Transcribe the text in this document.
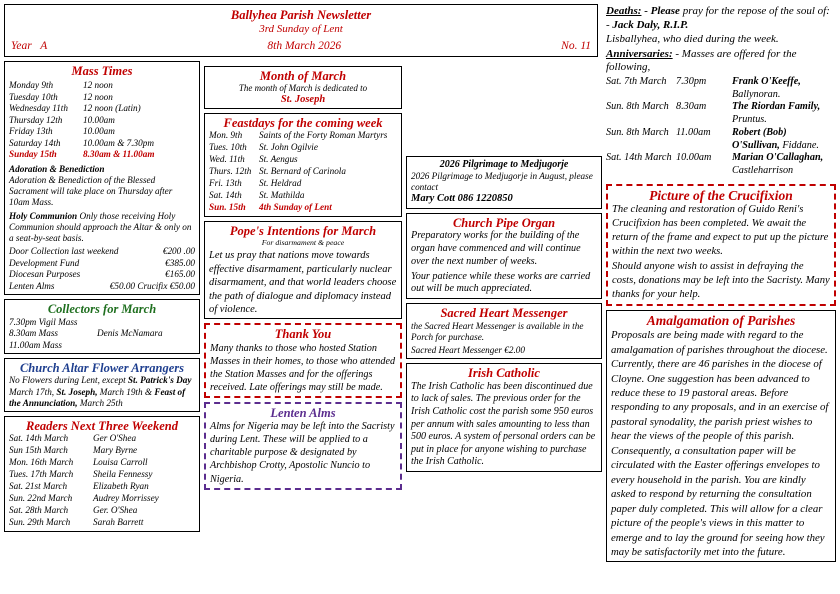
Ballyhea Parish Newsletter
3rd Sunday of Lent
Year A	8th March 2026	No. 11
Mass Times
Monday 9th	12 noon
Tuesday 10th	12 noon
Wednesday 11th	12 noon (Latin)
Thursday 12th	10.00am
Friday 13th	10.00am
Saturday 14th	10.00am & 7.30pm
Sunday 15th	8.30am & 11.00am
Adoration & Benediction
Adoration & Benediction of the Blessed Sacrament will take place on Thursday after 10am Mass.
Holy Communion Only those receiving Holy Communion should approach the Altar & only on a seat-by-seat basis.
Door Collection last weekend	€200 .00
Development Fund	€385.00
Diocesan Purposes	€165.00
Lenten Alms	€50.00 Crucifix €50.00
Collectors for March
7.30pm Vigil Mass
8.30am Mass	Denis McNamara
11.00am Mass
Church Altar Flower Arrangers
No Flowers during Lent, except St. Patrick's Day March 17th, St. Joseph, March 19th & Feast of the Annunciation, March 25th
Readers Next Three Weekend
Sat. 14th March	Ger O'Shea
Sun 15th March	Mary Byrne
Mon. 16th March	Louisa Carroll
Tues. 17th March	Sheila Fennessy
Sat. 21st March	Elizabeth Ryan
Sun. 22nd March	Audrey Morrissey
Sat. 28th March	Ger. O'Shea
Sun. 29th March	Sarah Barrett
Month of March
The month of March is dedicated to
St. Joseph
Feastdays for the coming week
Mon. 9th	Saints of the Forty Roman Martyrs
Tues. 10th	St. John Ogilvie
Wed. 11th	St. Aengus
Thurs. 12th St. Bernard of Carinola
Fri. 13th	St. Heldrad
Sat. 14th	St. Mathilda
Sun. 15th	4th Sunday of Lent
Pope's Intentions for March
For disarmament & peace
Let us pray that nations move towards effective disarmament, particularly nuclear disarmament, and that world leaders choose the path of dialogue and diplomacy instead of violence.
Thank You
Many thanks to those who hosted Station Masses in their homes, to those who attended the Station Masses and for the offerings received. Late offerings may still be made.
Lenten Alms
Alms for Nigeria may be left into the Sacristy during Lent. These will be applied to a charitable purpose & designated by Archbishop Crotty, Apostolic Nuncio to Nigeria.
2026 Pilgrimage to Medjugorje
2026 Pilgrimage to Medjugorje in August, please contact
Mary Cott 086 1220850
Church Pipe Organ
Preparatory works for the building of the organ have commenced and will continue over the next number of weeks.
Your patience while these works are carried out will be much appreciated.
Sacred Heart Messenger
the Sacred Heart Messenger is available in the Porch for purchase.
Sacred Heart Messenger €2.00
Irish Catholic
The Irish Catholic has been discontinued due to lack of sales. The previous order for the Irish Catholic cost the parish some 950 euros per annum with sales amounting to less than 500 euros. A system of personal orders can be put in place for anyone wishing to purchase the Irish Catholic.
Deaths: - Please pray for the repose of the soul of: - Jack Daly, R.I.P.
Lisballyhea, who died during the week.
Anniversaries: - Masses are offered for the following,
Sat. 7th March 7.30pm	Frank O'Keeffe, Ballynoran.
Sun. 8th March 8.30am	The Riordan Family, Pruntus.
Sun. 8th March 11.00am	Robert (Bob) O'Sullivan, Fiddane.
Sat. 14th March 10.00am	Marian O'Callaghan, Castleharrison
Picture of the Crucifixion
The cleaning and restoration of Guido Reni's Crucifixion has been completed. We await the return of the frame and expect to put up the picture within the next two weeks.
Should anyone wish to assist in defraying the costs, donations may be left into the Sacristy. Many thanks for your help.
Amalgamation of Parishes
Proposals are being made with regard to the amalgamation of parishes throughout the diocese. Currently, there are 46 parishes in the diocese of Cloyne. One suggestion has been advanced to reduce these to 19 pastoral areas. Before responding to any proposals, and in an exercise of pastoral synodality, the parish priest wishes to hear the views of the people of this parish. Consequently, a consultation paper will be circulated with the Easter offerings envelopes to every household in the parish. You are kindly asked to respond by returning the consultation paper duly completed. This will allow for a clear picture of the people's views in this matter to emerge and to lay the ground for seeing how they may be satisfactorily met into the future.
